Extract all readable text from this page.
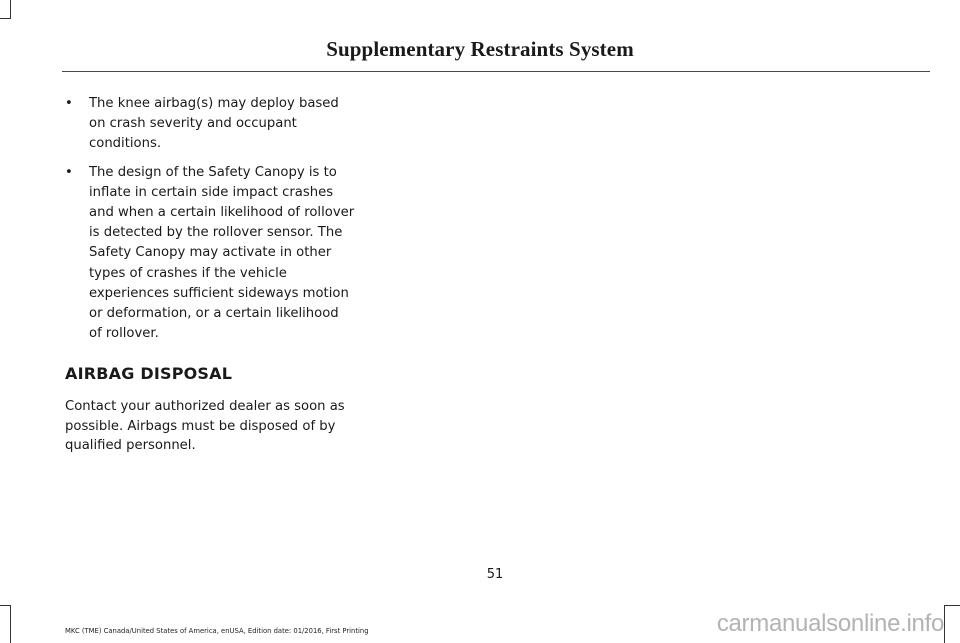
Supplementary Restraints System
• The knee airbag(s) may deploy based on crash severity and occupant conditions.
• The design of the Safety Canopy is to inflate in certain side impact crashes and when a certain likelihood of rollover is detected by the rollover sensor. The Safety Canopy may activate in other types of crashes if the vehicle experiences sufficient sideways motion or deformation, or a certain likelihood of rollover.
AIRBAG DISPOSAL

Contact your authorized dealer as soon as possible. Airbags must be disposed of by qualified personnel.

51
MKC (TME) Canada/United States of America, enUSA, Edition date: 01/2016, First Printing	carmanualsonline.info
